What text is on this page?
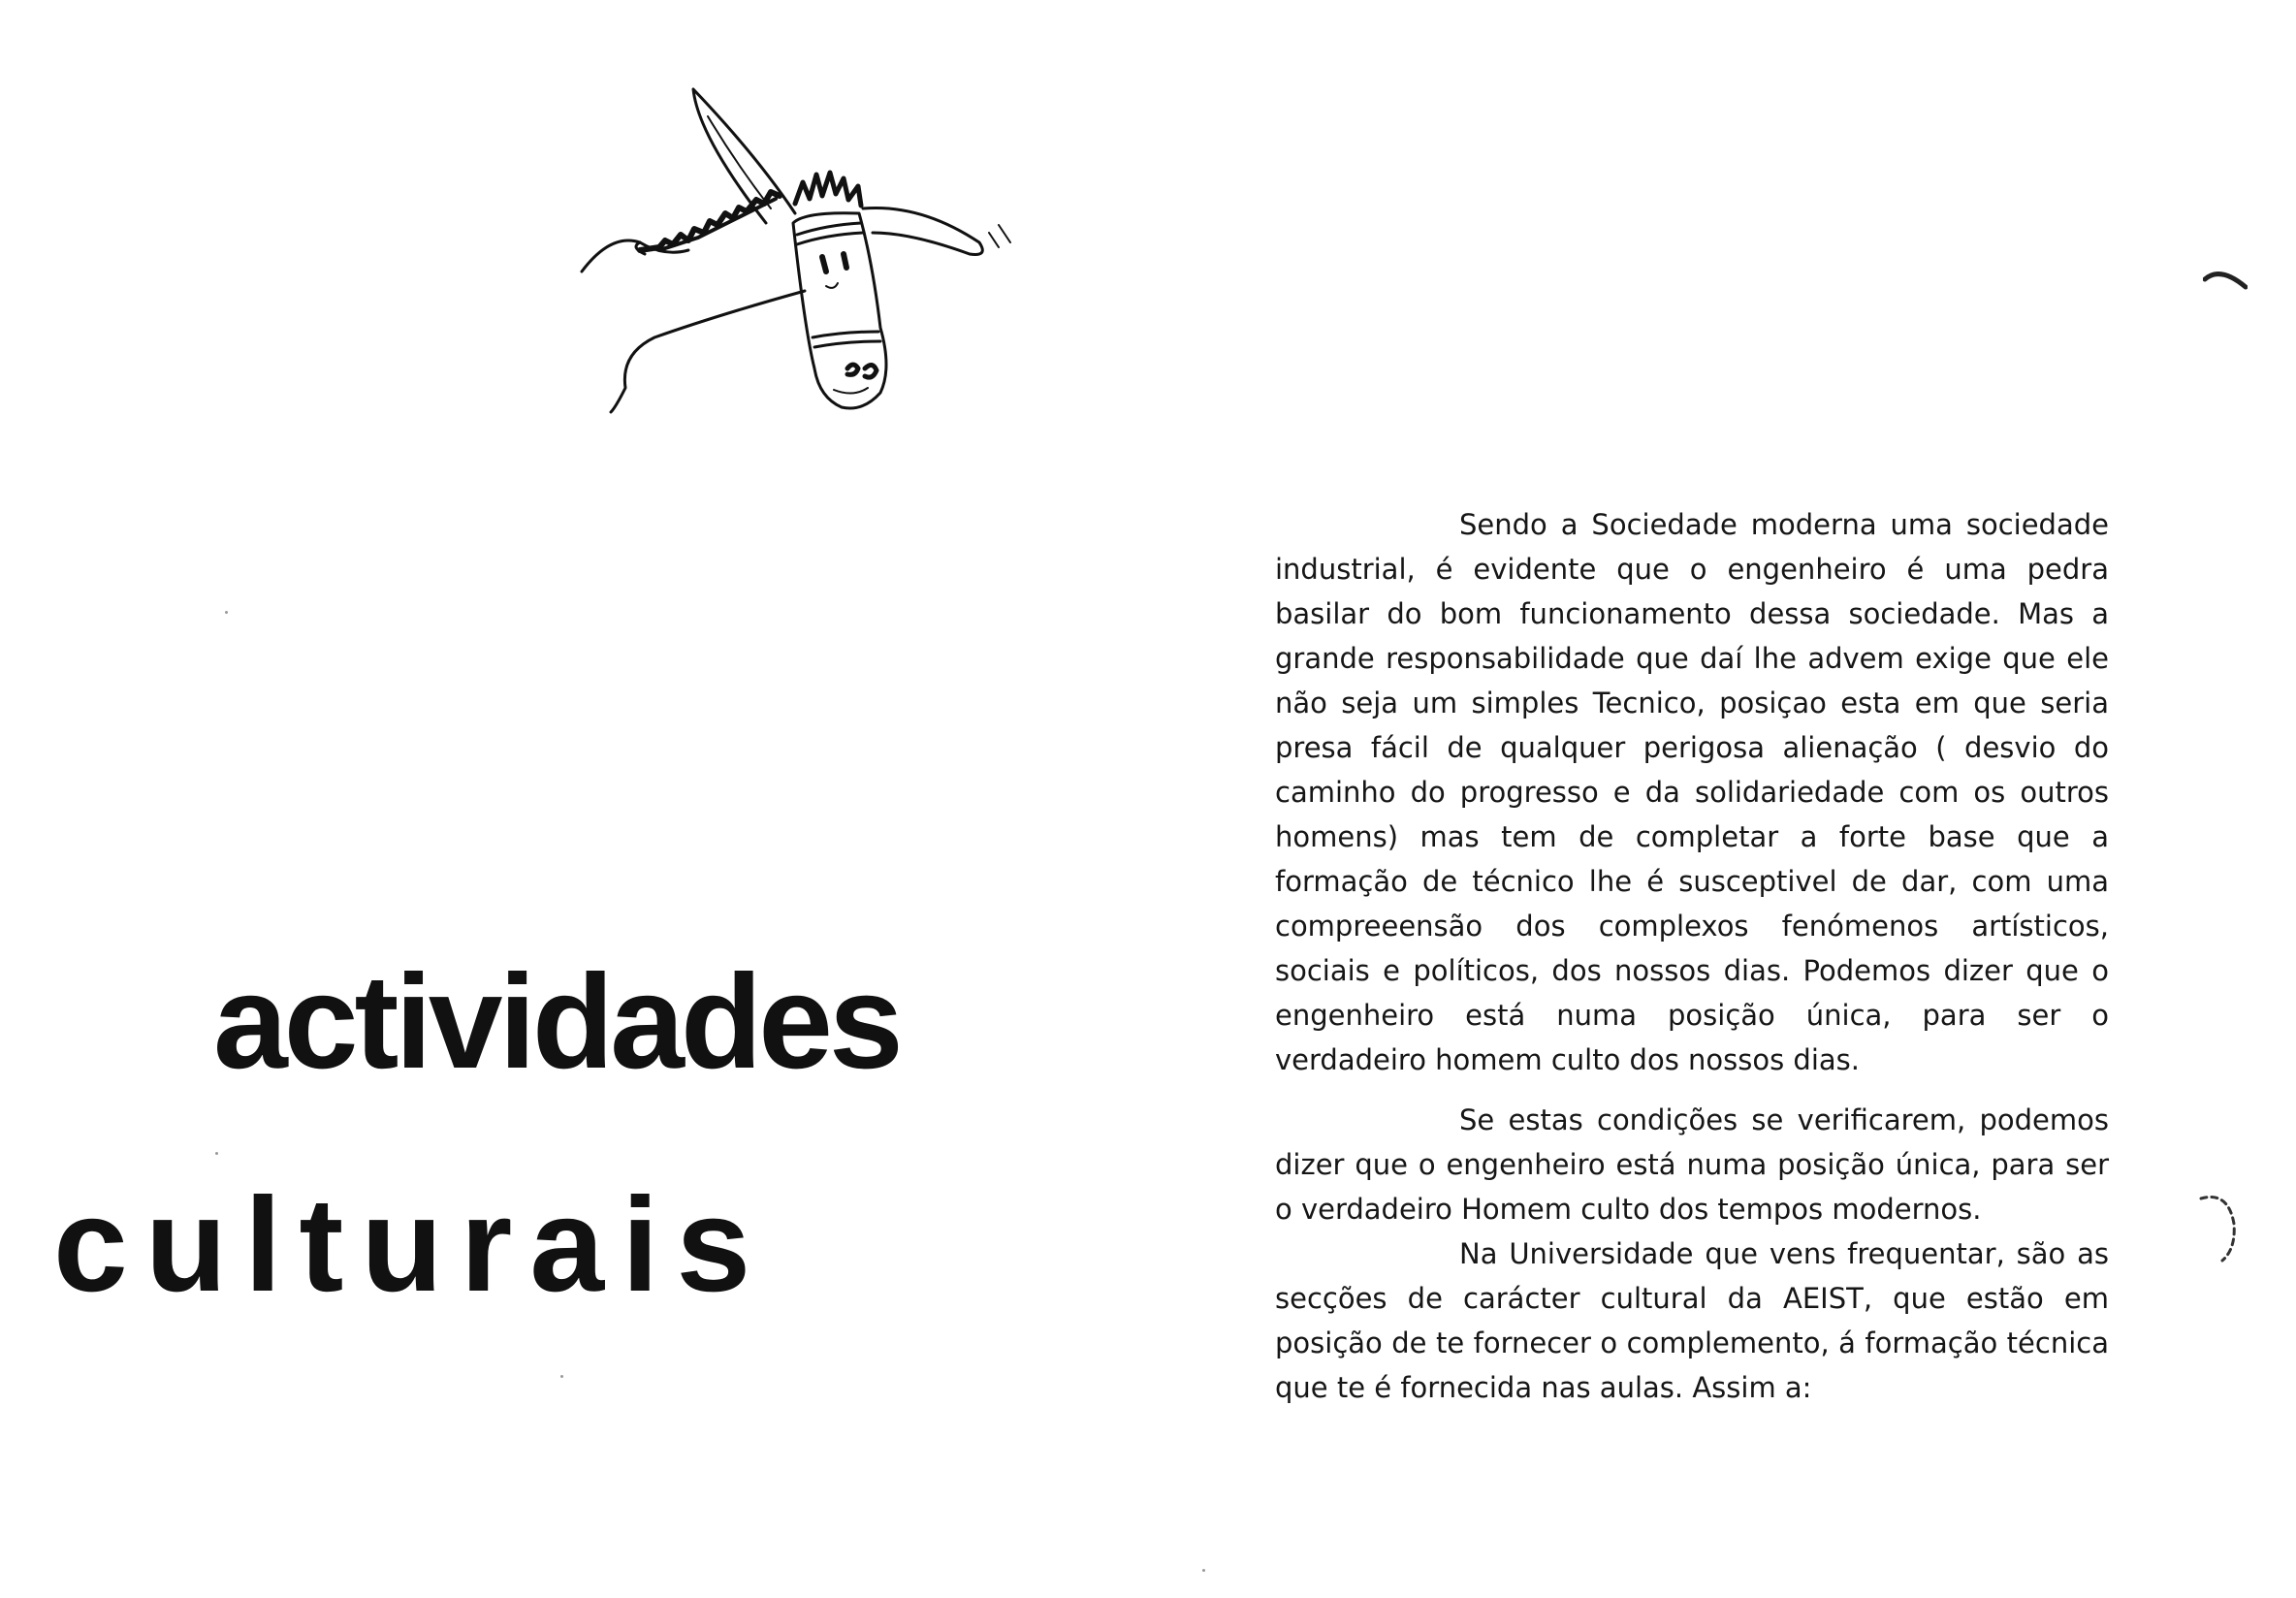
actividades
culturais

Sendo a Sociedade moderna uma sociedade industrial, é evidente que o engenheiro é uma pedra basilar do bom funcionamento dessa sociedade. Mas a grande responsabilidade que daí lhe advem exige que ele não seja um simples Tecnico, posiçao esta em que seria presa fácil de qualquer perigosa alienação ( desvio do caminho do progresso e da solidariedade com os outros homens) mas tem de completar a forte base que a formação de técnico lhe é susceptivel de dar, com uma compreeensão dos complexos fenómenos artísticos, sociais e políticos, dos nossos dias. Podemos dizer que o engenheiro está numa posição única, para ser o verdadeiro homem culto dos nossos dias.

Se estas condições se verificarem, podemos dizer que o engenheiro está numa posição única, para ser o verdadeiro Homem culto dos tempos modernos.

Na Universidade que vens frequentar, são as secções de carácter cultural da AEIST, que estão em posição de te fornecer o complemento, á formação técnica que te é fornecida nas aulas. Assim a:
